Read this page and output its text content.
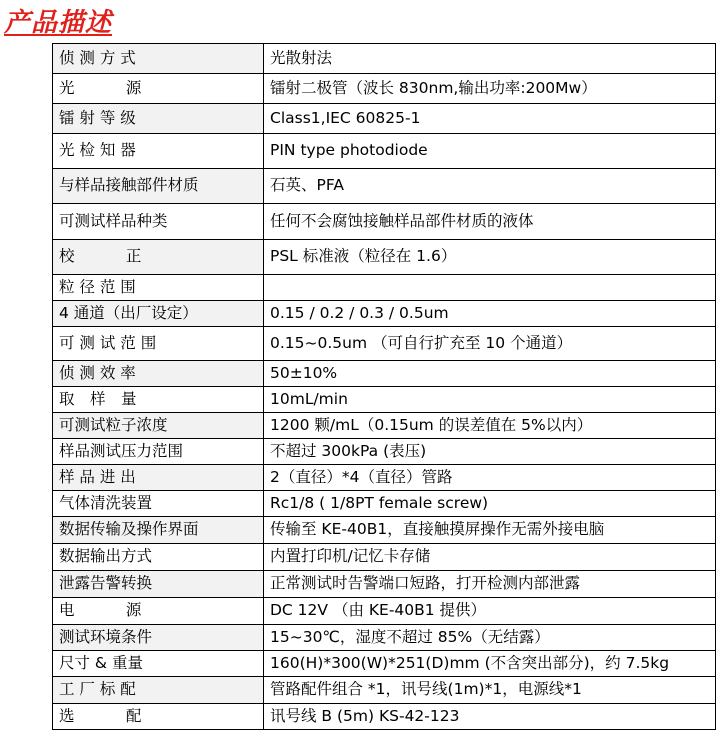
产品描述
侦 测 方 式	光散射法
光　　　 源	镭射二极管（波长 830nm,输出功率:200Mw）
镭 射 等 级	Class1,IEC 60825-1
光 检 知 器	PIN type photodiode
与样品接触部件材质	石英、PFA
可测试样品种类	任何不会腐蚀接触样品部件材质的液体
校　　　 正	PSL 标准液（粒径在 1.6）
粒 径 范 围	
4 通道（出厂设定）	0.15 / 0.2 / 0.3 / 0.5um
可 测 试 范 围	0.15~0.5um （可自行扩充至 10 个通道）
侦 测 效 率	50±10%
取　样　量	10mL/min
可测试粒子浓度	1200 颗/mL（0.15um 的误差值在 5%以内）
样品测试压力范围	不超过 300kPa (表压)
样 品 进 出	2（直径）*4（直径）管路
气体清洗装置	Rc1/8 ( 1/8PT female screw)
数据传输及操作界面	传输至 KE-40B1，直接触摸屏操作无需外接电脑
数据输出方式	内置打印机/记忆卡存储
泄露告警转换	正常测试时告警端口短路，打开检测内部泄露
电　　　 源	DC 12V （由 KE-40B1 提供）
测试环境条件	15~30℃，湿度不超过 85%（无结露）
尺寸 & 重量	160(H)*300(W)*251(D)mm (不含突出部分)，约 7.5kg
工 厂 标 配	管路配件组合 *1，讯号线(1m)*1，电源线*1
选　　　 配	讯号线 B (5m) KS-42-123
